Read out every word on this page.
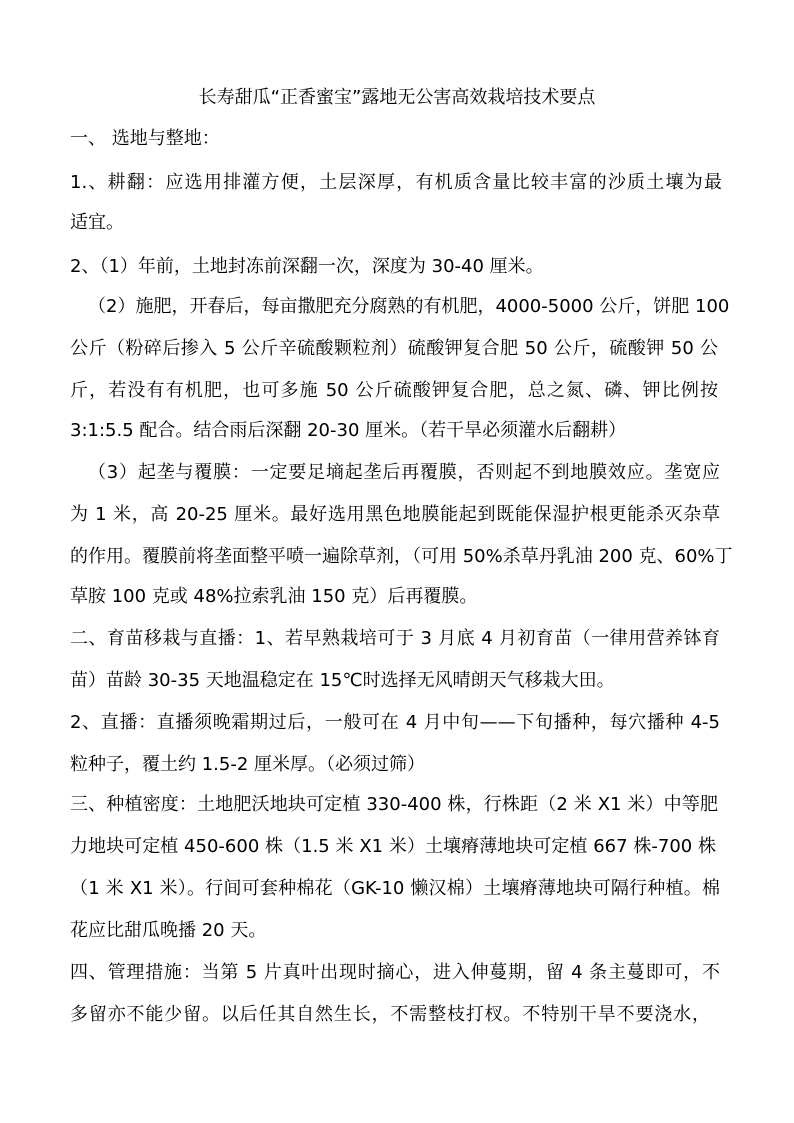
长寿甜瓜“正香蜜宝”露地无公害高效栽培技术要点
一、 选地与整地：
1.、耕翻：应选用排灌方便，土层深厚，有机质含量比较丰富的沙质土壤为最
适宜。
2、（1）年前，土地封冻前深翻一次，深度为 30-40 厘米。
（2）施肥，开春后，每亩撒肥充分腐熟的有机肥，4000-5000 公斤，饼肥 100
公斤（粉碎后掺入 5 公斤辛硫酸颗粒剂）硫酸钾复合肥 50 公斤，硫酸钾 50 公
斤，若没有有机肥，也可多施 50 公斤硫酸钾复合肥，总之氮、磷、钾比例按
3:1:5.5 配合。结合雨后深翻 20-30 厘米。（若干旱必须灌水后翻耕）
（3）起垄与覆膜：一定要足墒起垄后再覆膜，否则起不到地膜效应。垄宽应
为 1 米，高 20-25 厘米。最好选用黑色地膜能起到既能保湿护根更能杀灭杂草
的作用。覆膜前将垄面整平喷一遍除草剂，（可用 50%杀草丹乳油 200 克、60%丁
草胺 100 克或 48%拉索乳油 150 克）后再覆膜。
二、育苗移栽与直播：1、若早熟栽培可于 3 月底 4 月初育苗（一律用营养钵育
苗）苗龄 30-35 天地温稳定在 15℃时选择无风晴朗天气移栽大田。
2、直播：直播须晚霜期过后，一般可在 4 月中旬——下旬播种，每穴播种 4-5
粒种子，覆土约 1.5-2 厘米厚。（必须过筛）
三、种植密度：土地肥沃地块可定植 330-400 株，行株距（2 米 X1 米）中等肥
力地块可定植 450-600 株（1.5 米 X1 米）土壤瘠薄地块可定植 667 株-700 株
（1 米 X1 米）。行间可套种棉花（GK-10 懒汉棉）土壤瘠薄地块可隔行种植。棉
花应比甜瓜晚播 20 天。
四、管理措施：当第 5 片真叶出现时摘心，进入伸蔓期，留 4 条主蔓即可，不
多留亦不能少留。以后任其自然生长，不需整枝打杈。不特别干旱不要浇水，
